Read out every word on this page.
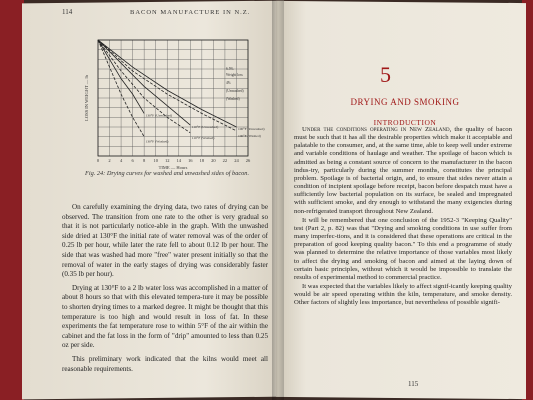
114	BACON MANUFACTURE IN N.Z.
0 2 4 6 8 10 12 14 16 18 20 22 24 26
TIME — Hours
LOSS IN WEIGHT — lb	130°F (Unwashed)
130°F (Washed)
110°F (Unwashed)
110°F (Washed)
100°F (Unwashed)
100°F (Washed)
6.5%
Weight loss
4%
(Unwashed)
(Washed)
Fig. 24: Drying curves for washed and unwashed sides of bacon.

On carefully examining the drying data, two rates of drying can be observed. The transition from one rate to the other is very gradual so that it is not particularly notice-able in the graph. With the unwashed side dried at 130°F the initial rate of water removal was of the order of 0.25 lb per hour, while later the rate fell to about 0.12 lb per hour. The side that was washed had more "free" water present initially so that the removal of water in the early stages of drying was considerably faster (0.35 lb per hour).

Drying at 130°F to a 2 lb water loss was accomplished in a matter of about 8 hours so that with this elevated tempera-ture it may be possible to shorten drying times to a marked degree. It might be thought that this temperature is too high and would result in loss of fat. In these experiments the fat temperature rose to within 5°F of the air within the cabinet and the fat loss in the form of "drip" amounted to less than 0.25 oz per side.

This preliminary work indicated that the kilns would meet all reasonable requirements.

5
DRYING AND SMOKING
INTRODUCTION

Under the conditions operating in New Zealand, the quality of bacon must be such that it has all the desirable properties which make it acceptable and palatable to the consumer, and, at the same time, able to keep well under extreme and variable conditions of haulage and weather. The spoilage of bacon which is admitted as being a constant source of concern to the manufacturer in the bacon indus-try, particularly during the summer months, constitutes the principal problem. Spoilage is of bacterial origin, and, to ensure that sides never attain a condition of incipient spoilage before receipt, bacon before despatch must have a sufficiently low bacterial population on its surface, be sealed and impregnated with sufficient smoke, and dry enough to withstand the many exigencies during non-refrigerated transport throughout New Zealand.

It will be remembered that one conclusion of the 1952-3 "Keeping Quality" test (Part 2, p. 82) was that "Drying and smoking conditions in use suffer from many imperfec-tions, and it is considered that these operations are critical in the preparation of good keeping quality bacon." To this end a programme of study was planned to determine the relative importance of those variables most likely to affect the drying and smoking of bacon and aimed at the laying down of certain basic principles, without which it would be impossible to translate the results of experimental method to commercial practice.

It was expected that the variables likely to affect signif-icantly keeping quality would be air speed operating within the kiln, temperature, and smoke density. Other factors of slightly less importance, but nevertheless of possible signifi-

115
